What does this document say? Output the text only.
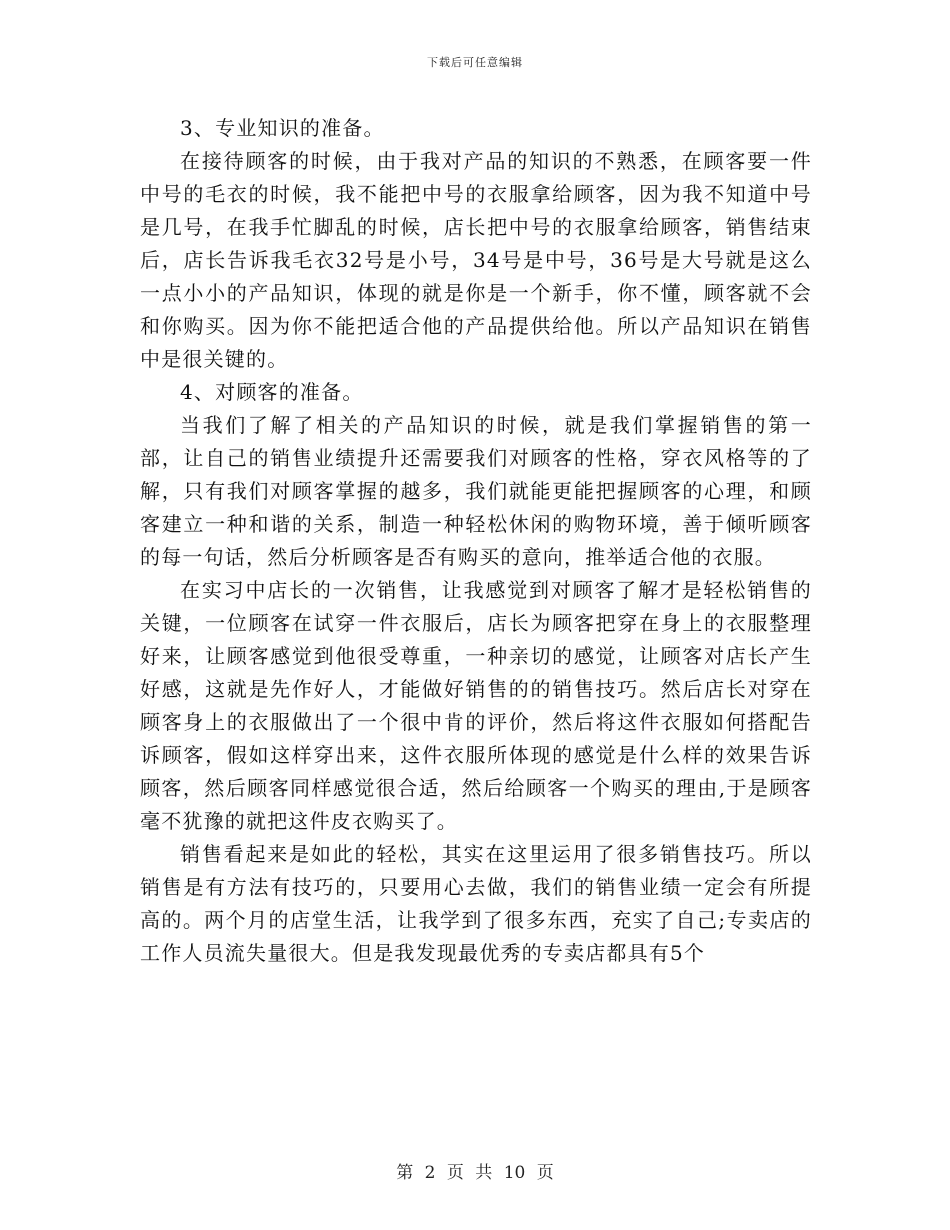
下载后可任意编辑

3、专业知识的准备。

在接待顾客的时候，由于我对产品的知识的不熟悉，在顾客要一件中号的毛衣的时候，我不能把中号的衣服拿给顾客，因为我不知道中号是几号，在我手忙脚乱的时候，店长把中号的衣服拿给顾客，销售结束后，店长告诉我毛衣32号是小号，34号是中号，36号是大号就是这么一点小小的产品知识，体现的就是你是一个新手，你不懂，顾客就不会和你购买。因为你不能把适合他的产品提供给他。所以产品知识在销售中是很关键的。

4、对顾客的准备。

当我们了解了相关的产品知识的时候，就是我们掌握销售的第一部，让自己的销售业绩提升还需要我们对顾客的性格，穿衣风格等的了解，只有我们对顾客掌握的越多，我们就能更能把握顾客的心理，和顾客建立一种和谐的关系，制造一种轻松休闲的购物环境，善于倾听顾客的每一句话，然后分析顾客是否有购买的意向，推举适合他的衣服。

在实习中店长的一次销售，让我感觉到对顾客了解才是轻松销售的关键，一位顾客在试穿一件衣服后，店长为顾客把穿在身上的衣服整理好来，让顾客感觉到他很受尊重，一种亲切的感觉，让顾客对店长产生好感，这就是先作好人，才能做好销售的的销售技巧。然后店长对穿在顾客身上的衣服做出了一个很中肯的评价，然后将这件衣服如何搭配告诉顾客，假如这样穿出来，这件衣服所体现的感觉是什么样的效果告诉顾客，然后顾客同样感觉很合适，然后给顾客一个购买的理由,于是顾客毫不犹豫的就把这件皮衣购买了。

销售看起来是如此的轻松，其实在这里运用了很多销售技巧。所以销售是有方法有技巧的，只要用心去做，我们的销售业绩一定会有所提高的。两个月的店堂生活，让我学到了很多东西，充实了自己;专卖店的工作人员流失量很大。但是我发现最优秀的专卖店都具有5个

第 2 页 共 10 页
